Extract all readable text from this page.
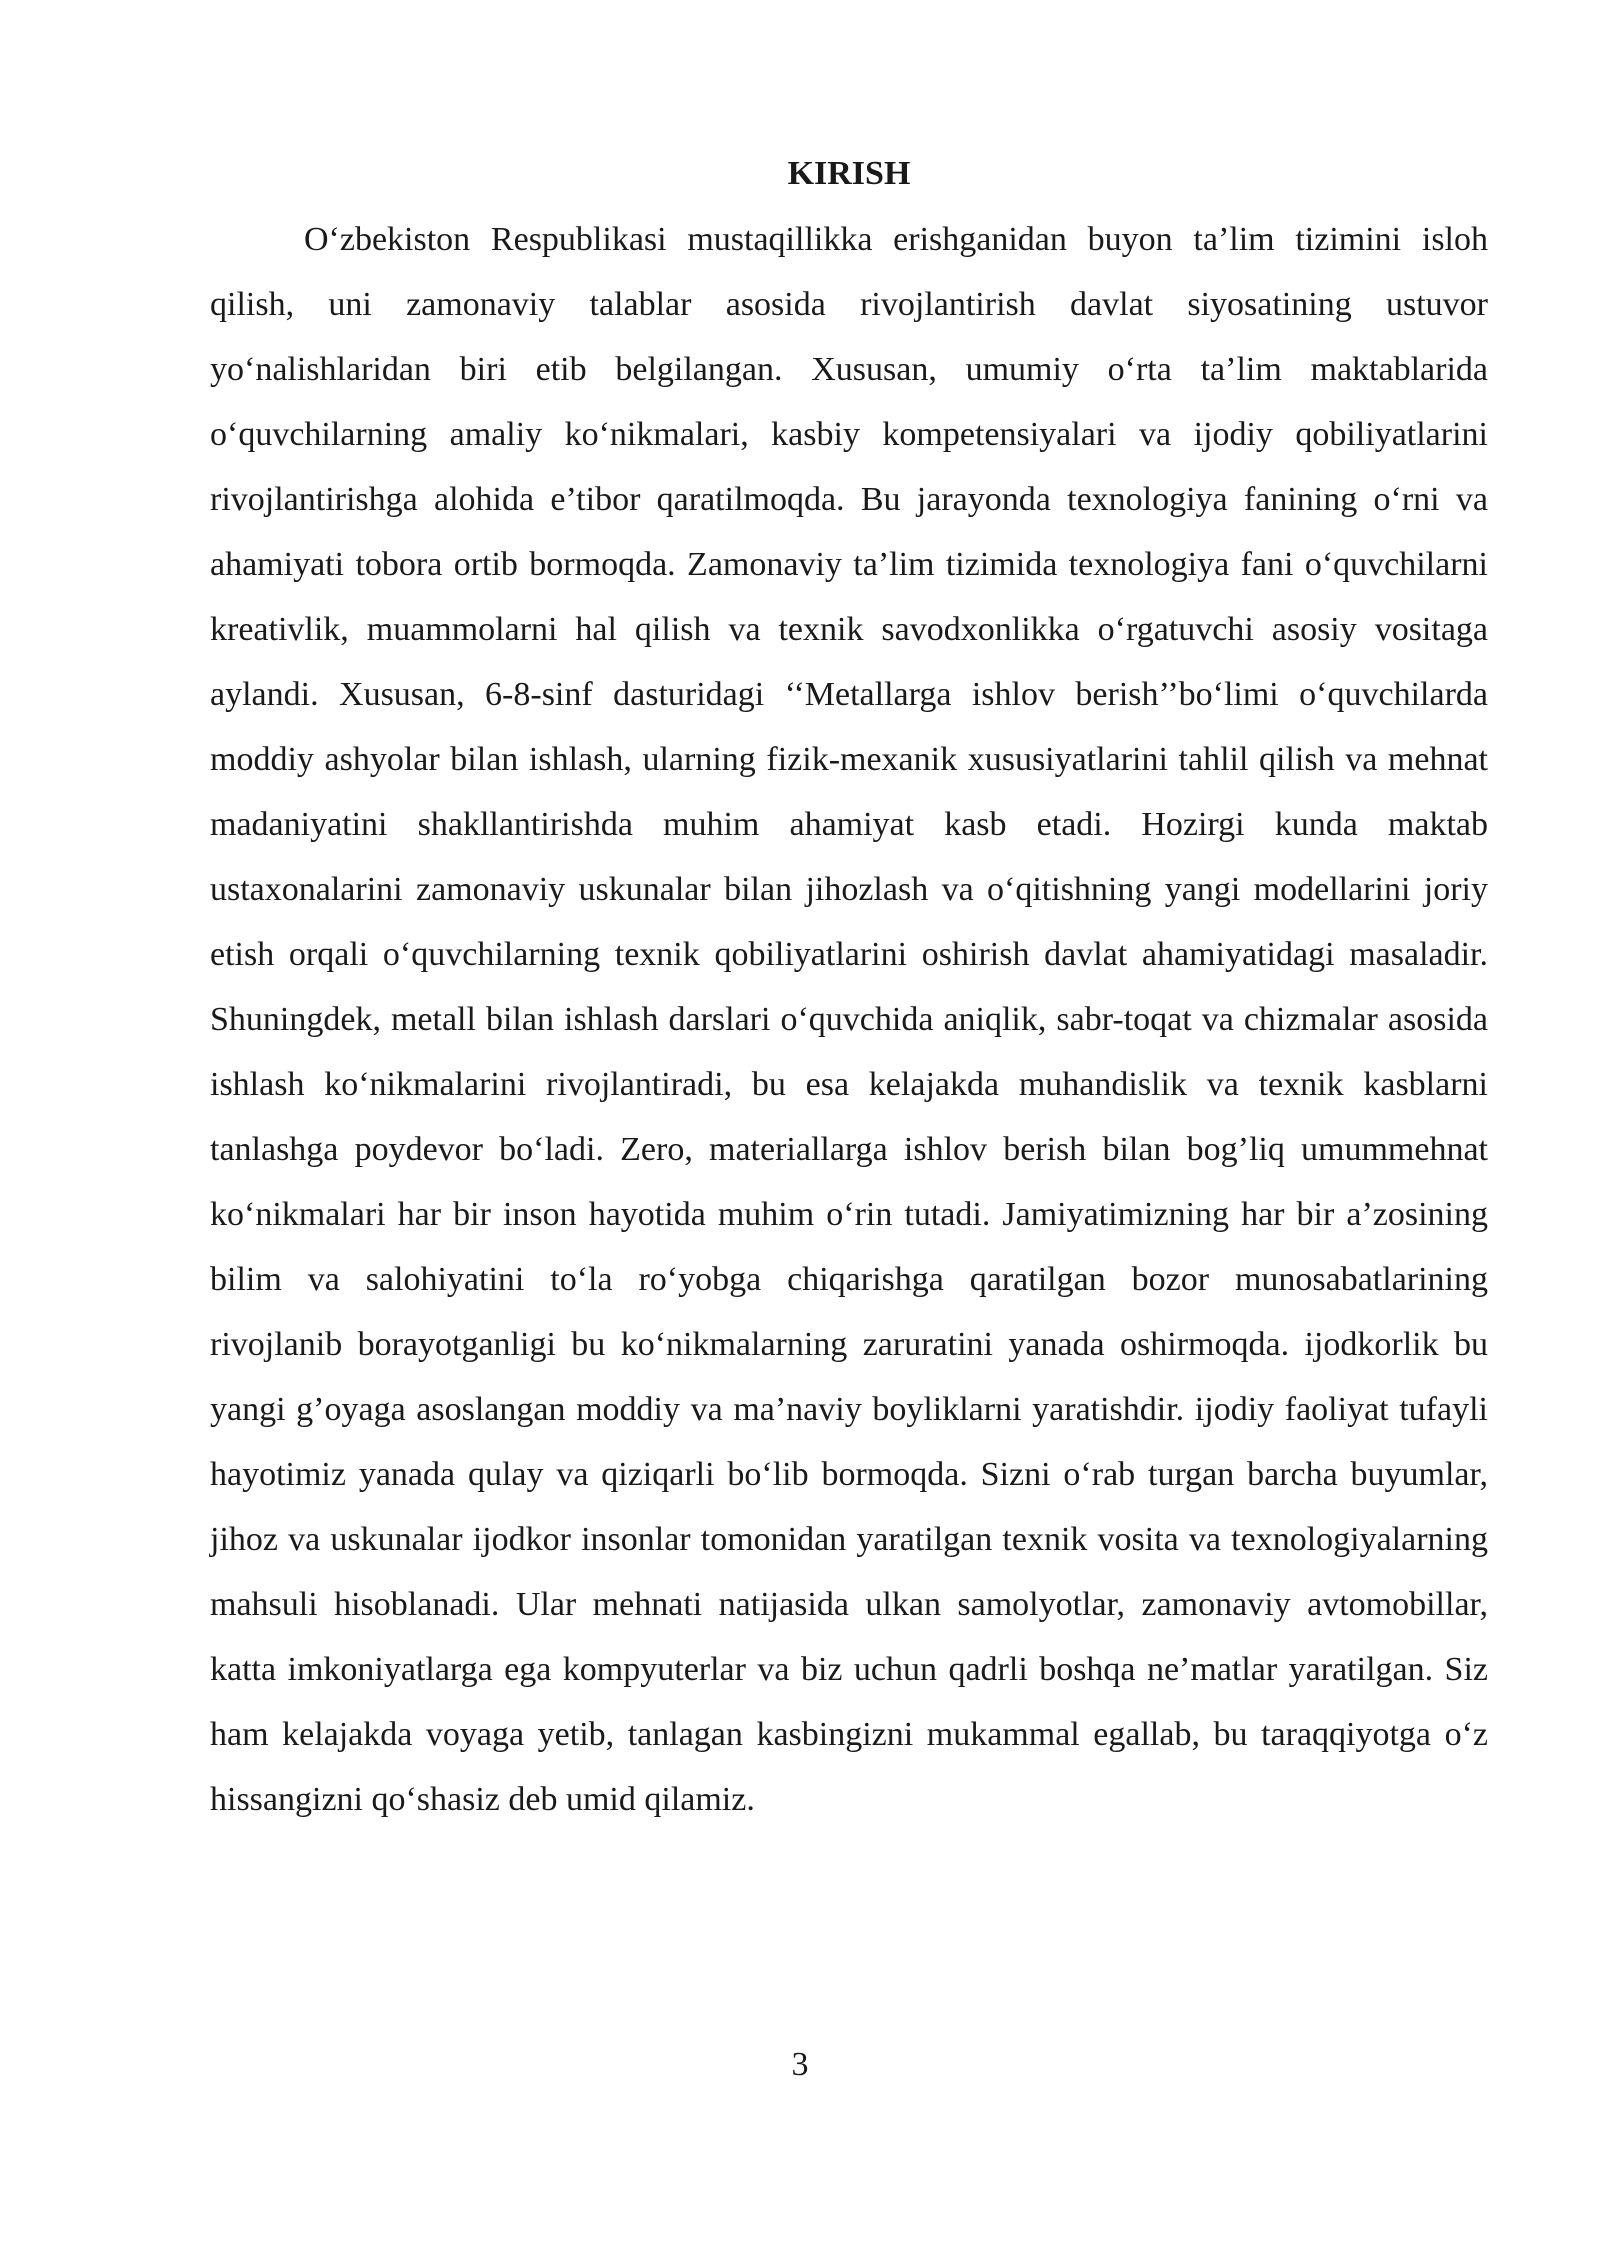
KIRISH

O‘zbekiston Respublikasi mustaqillikka erishganidan buyon ta’lim tizimini isloh qilish, uni zamonaviy talablar asosida rivojlantirish davlat siyosatining ustuvor yo‘nalishlaridan biri etib belgilangan. Xususan, umumiy o‘rta ta’lim maktablarida o‘quvchilarning amaliy ko‘nikmalari, kasbiy kompetensiyalari va ijodiy qobiliyatlarini rivojlantirishga alohida e’tibor qaratilmoqda. Bu jarayonda texnologiya fanining o‘rni va ahamiyati tobora ortib bormoqda. Zamonaviy ta’lim tizimida texnologiya fani o‘quvchilarni kreativlik, muammolarni hal qilish va texnik savodxonlikka o‘rgatuvchi asosiy vositaga aylandi. Xususan, 6-8-sinf dasturidagi ‘‘Metallarga ishlov berish’’bo‘limi o‘quvchilarda moddiy ashyolar bilan ishlash, ularning fizik-mexanik xususiyatlarini tahlil qilish va mehnat madaniyatini shakllantirishda muhim ahamiyat kasb etadi. Hozirgi kunda maktab ustaxonalarini zamonaviy uskunalar bilan jihozlash va o‘qitishning yangi modellarini joriy etish orqali o‘quvchilarning texnik qobiliyatlarini oshirish davlat ahamiyatidagi masaladir. Shuningdek, metall bilan ishlash darslari o‘quvchida aniqlik, sabr-toqat va chizmalar asosida ishlash ko‘nikmalarini rivojlantiradi, bu esa kelajakda muhandislik va texnik kasblarni tanlashga poydevor bo‘ladi. Zero, materiallarga ishlov berish bilan bog’liq umummehnat ko‘nikmalari har bir inson hayotida muhim o‘rin tutadi. Jamiyatimizning har bir a’zosining bilim va salohiyatini to‘la ro‘yobga chiqarishga qaratilgan bozor munosabatlarining rivojlanib borayotganligi bu ko‘nikmalarning zaruratini yanada oshirmoqda. ijodkorlik bu yangi g’oyaga asoslangan moddiy va ma’naviy boyliklarni yaratishdir. ijodiy faoliyat tufayli hayotimiz yanada qulay va qiziqarli bo‘lib bormoqda. Sizni o‘rab turgan barcha buyumlar, jihoz va uskunalar ijodkor insonlar tomonidan yaratilgan texnik vosita va texnologiyalarning mahsuli hisoblanadi. Ular mehnati natijasida ulkan samolyotlar, zamonaviy avtomobillar, katta imkoniyatlarga ega kompyuterlar va biz uchun qadrli boshqa ne’matlar yaratilgan. Siz ham kelajakda voyaga yetib, tanlagan kasbingizni mukammal egallab, bu taraqqiyotga o‘z hissangizni qo‘shasiz deb umid qilamiz.

3
